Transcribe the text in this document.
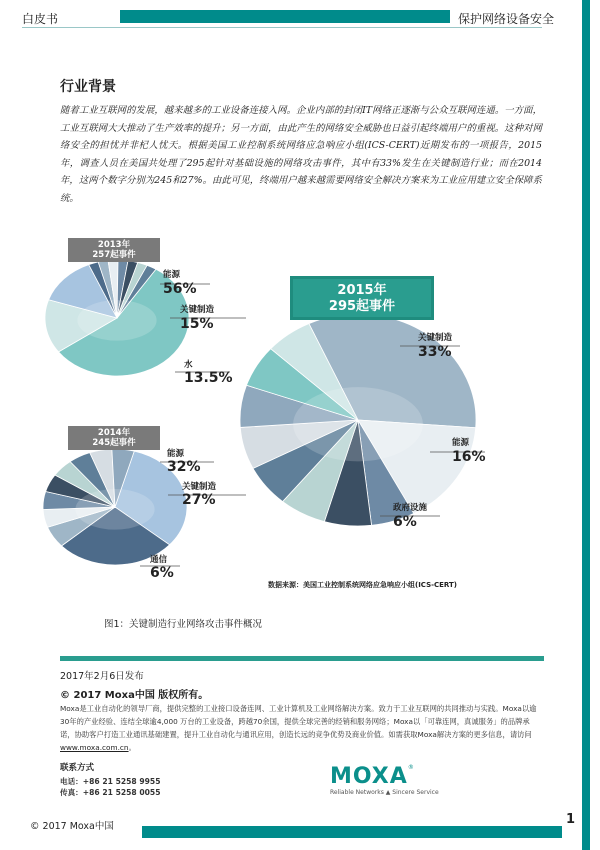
白皮书	保护网络设备安全
行业背景

随着工业互联网的发展，越来越多的工业设备连接入网。企业内部的封闭IT网络正逐渐与公众互联网连通。一方面，工业互联网大大推动了生产效率的提升；另一方面，由此产生的网络安全威胁也日益引起终端用户的重视。这种对网络安全的担忧并非杞人忧天。根据美国工业控制系统网络应急响应小组(ICS-CERT)近期发布的一项报告，2015年，调查人员在美国共处理了295起针对基础设施的网络攻击事件，其中有33%发生在关键制造行业；而在2014年，这两个数字分别为245和27%。由此可见，终端用户越来越需要网络安全解决方案来为工业应用建立安全保障系统。

2013年
257起事件
2014年
245起事件
2015年
295起事件
能源
56%
关键制造
15%
水
13.5%
能源
32%
关键制造
27%
通信
6%
关键制造
33%
能源
16%
政府设施
6%
数据来源：美国工业控制系统网络应急响应小组(ICS-CERT)
图1：关键制造行业网络攻击事件概况
2017年2月6日发布
© 2017 Moxa中国 版权所有。
Moxa是工业自动化的领导厂商，提供完整的工业接口设备连网、工业计算机及工业网络解决方案。致力于工业互联网的共同推动与实践。Moxa以逾30年的产业经验、连结全球逾4,000 万台的工业设备，跨越70余国，提供全球完善的经销和服务网络；Moxa以「可靠连网，真诚服务」的品牌承诺，协助客户打造工业通讯基础建置，提升工业自动化与通讯应用，创造长远的竞争优势及商业价值。如需获取Moxa解决方案的更多信息，请访问www.moxa.com.cn。
联系方式
电话：+86 21 5258 9955
传真：+86 21 5258 0055
MOXA®
Reliable Networks ▲ Sincere Service
© 2017 Moxa中国	1
